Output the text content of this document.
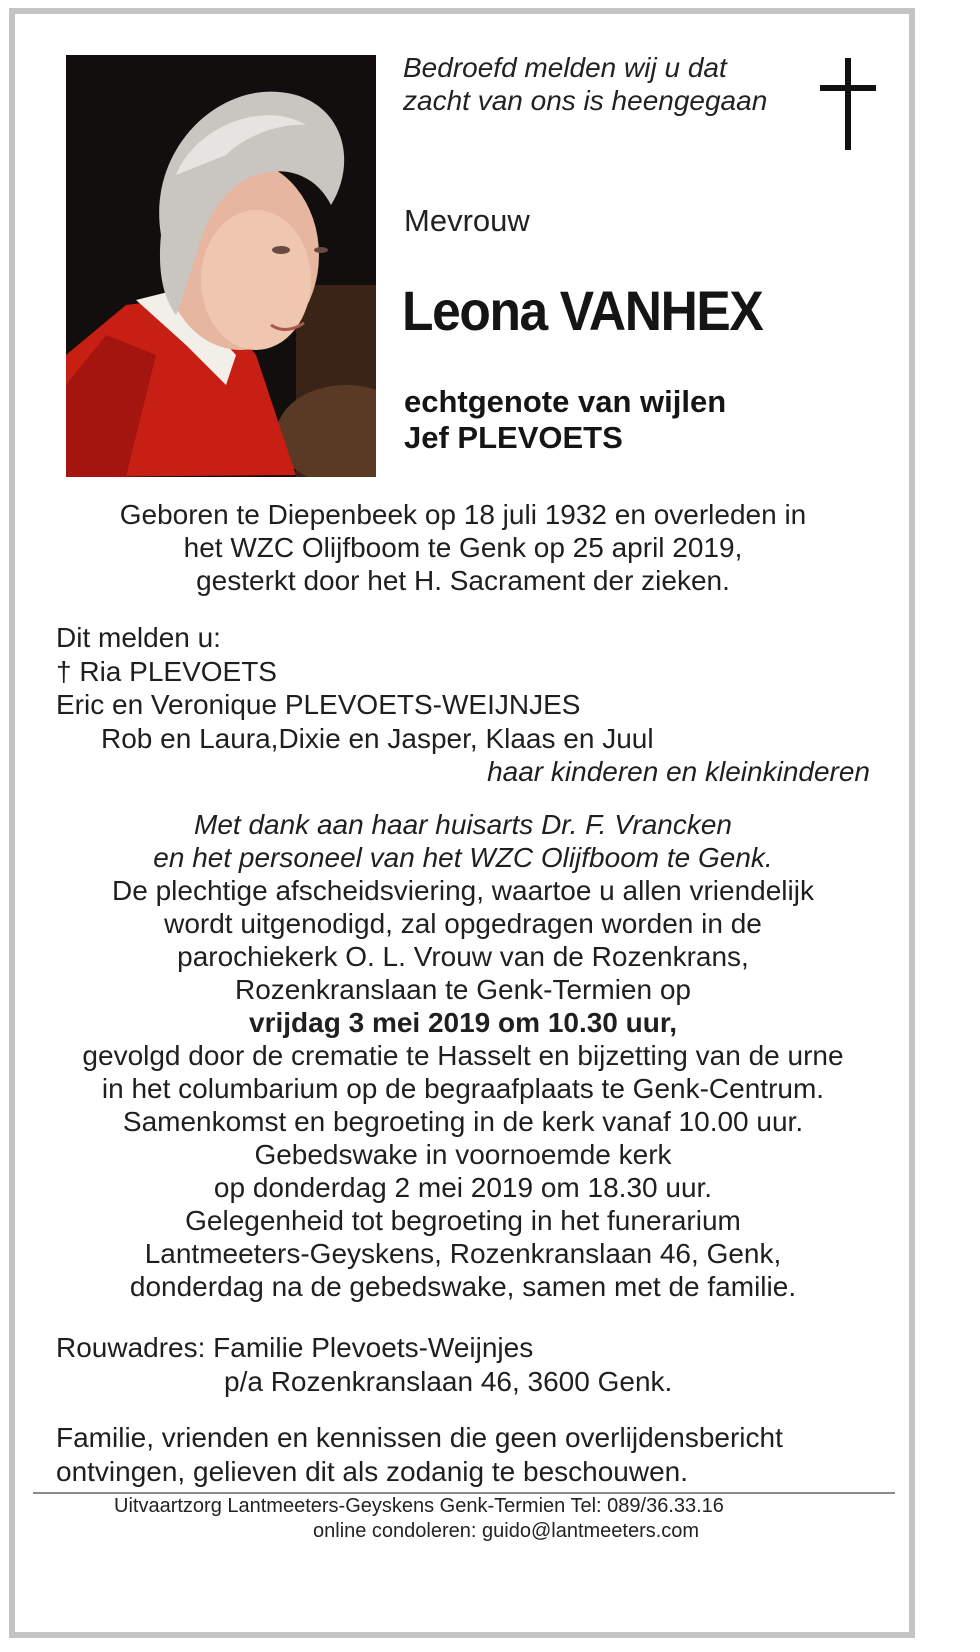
Bedroefd melden wij u dat
zacht van ons is heengegaan
Mevrouw
Leona VANHEX
echtgenote van wijlen
Jef PLEVOETS
Geboren te Diepenbeek op 18 juli 1932 en overleden in
het WZC Olijfboom te Genk op 25 april 2019,
gesterkt door het H. Sacrament der zieken.
Dit melden u:
† Ria PLEVOETS
Eric en Veronique PLEVOETS-WEIJNJES
Rob en Laura,Dixie en Jasper, Klaas en Juul
haar kinderen en kleinkinderen
Met dank aan haar huisarts Dr. F. Vrancken
en het personeel van het WZC Olijfboom te Genk.
De plechtige afscheidsviering, waartoe u allen vriendelijk
wordt uitgenodigd, zal opgedragen worden in de
parochiekerk O. L. Vrouw van de Rozenkrans,
Rozenkranslaan te Genk-Termien op
vrijdag 3 mei 2019 om 10.30 uur,
gevolgd door de crematie te Hasselt en bijzetting van de urne
in het columbarium op de begraafplaats te Genk-Centrum.
Samenkomst en begroeting in de kerk vanaf 10.00 uur.
Gebedswake in voornoemde kerk
op donderdag 2 mei 2019 om 18.30 uur.
Gelegenheid tot begroeting in het funerarium
Lantmeeters-Geyskens, Rozenkranslaan 46, Genk,
donderdag na de gebedswake, samen met de familie.
Rouwadres: Familie Plevoets-Weijnjes
p/a Rozenkranslaan 46, 3600 Genk.
Familie, vrienden en kennissen die geen overlijdensbericht
ontvingen, gelieven dit als zodanig te beschouwen.
Uitvaartzorg Lantmeeters-Geyskens Genk-Termien Tel: 089/36.33.16
online condoleren: guido@lantmeeters.com
